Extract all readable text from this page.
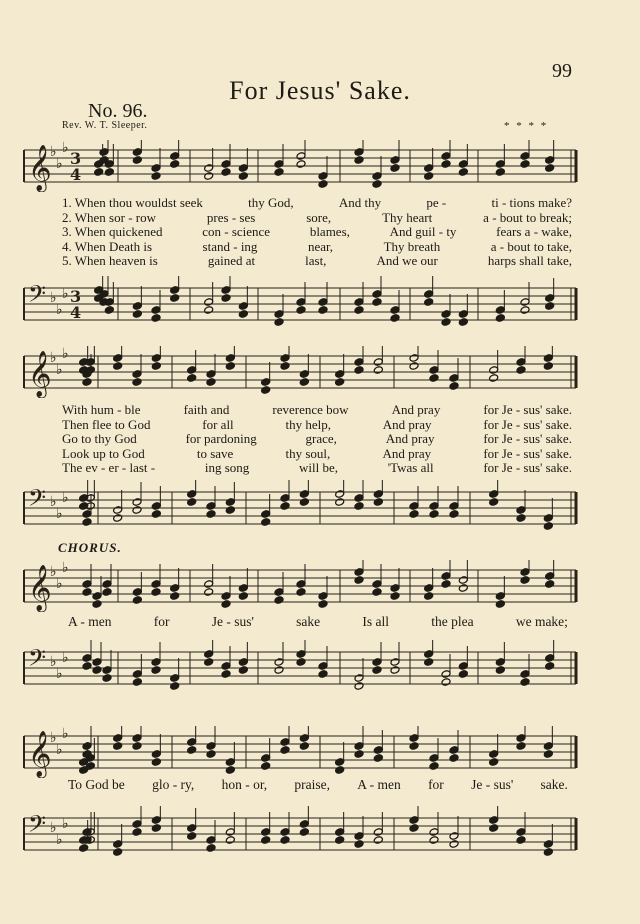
99
For Jesus' Sake.
No. 96.
Rev. W. T. Sleeper.	* * * *
𝄞
♭
♭
♭
3
4
1. When thou wouldst seek	thy God,	And thy	pe -	ti - tions make?
2. When sor - row	pres - ses	sore,	Thy heart	a - bout to break;
3. When quickened	con - science	blames,	And guil - ty	fears a - wake,
4. When Death is	stand - ing	near,	Thy breath	a - bout to take,
5. When heaven is	gained at	last,	And we our	harps shall take,
𝄢 ♭
♭
♭ 3
4
𝄞
♭
♭
♭
With hum - ble	faith and	reverence bow	And pray	for Je - sus' sake.
Then flee to God	for all	thy help,	And pray	for Je - sus' sake.
Go to thy God	for pardoning	grace,	And pray	for Je - sus' sake.
Look up to God	to save	thy soul,	And pray	for Je - sus' sake.
The ev - er - last -	ing song	will be,	'Twas all	for Je - sus' sake.
𝄢 ♭
♭
♭
CHORUS.
𝄞
♭
♭
♭
A - men	for	Je - sus'	sake	Is all	the plea	we make;
𝄢 ♭
♭
♭
𝄞
♭
♭
♭
To God be glo - ry, hon - or, praise, A - men for Je - sus' sake.
𝄢 ♭
♭
♭
